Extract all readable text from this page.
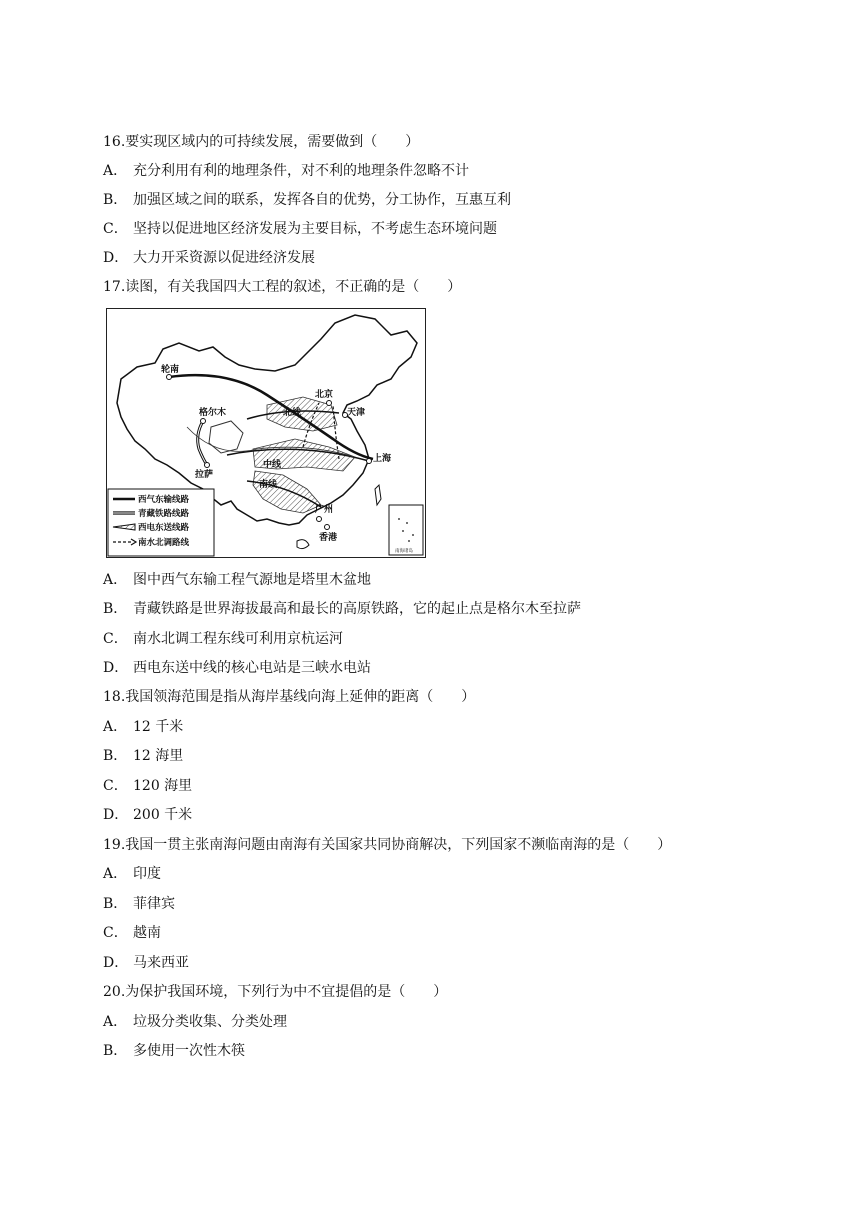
16.要实现区域内的可持续发展，需要做到（　　）
A． 充分利用有利的地理条件，对不利的地理条件忽略不计
B． 加强区域之间的联系，发挥各自的优势，分工协作，互惠互利
C． 坚持以促进地区经济发展为主要目标，不考虑生态环境问题
D． 大力开采资源以促进经济发展
17.读图，有关我国四大工程的叙述，不正确的是（　　）
轮南
格尔木
拉萨
北京
天津
上海
广州
香港
北线
中线
南线
南海诸岛
西气东输线路
青藏铁路线路
西电东送线路
南水北调路线
A． 图中西气东输工程气源地是塔里木盆地
B． 青藏铁路是世界海拔最高和最长的高原铁路，它的起止点是格尔木至拉萨
C． 南水北调工程东线可利用京杭运河
D． 西电东送中线的核心电站是三峡水电站
18.我国领海范围是指从海岸基线向海上延伸的距离（　　）
A． 12 千米
B． 12 海里
C． 120 海里
D． 200 千米
19.我国一贯主张南海问题由南海有关国家共同协商解决，下列国家不濒临南海的是（　　）
A． 印度
B． 菲律宾
C． 越南
D． 马来西亚
20.为保护我国环境，下列行为中不宜提倡的是（　　）
A． 垃圾分类收集、分类处理
B． 多使用一次性木筷
